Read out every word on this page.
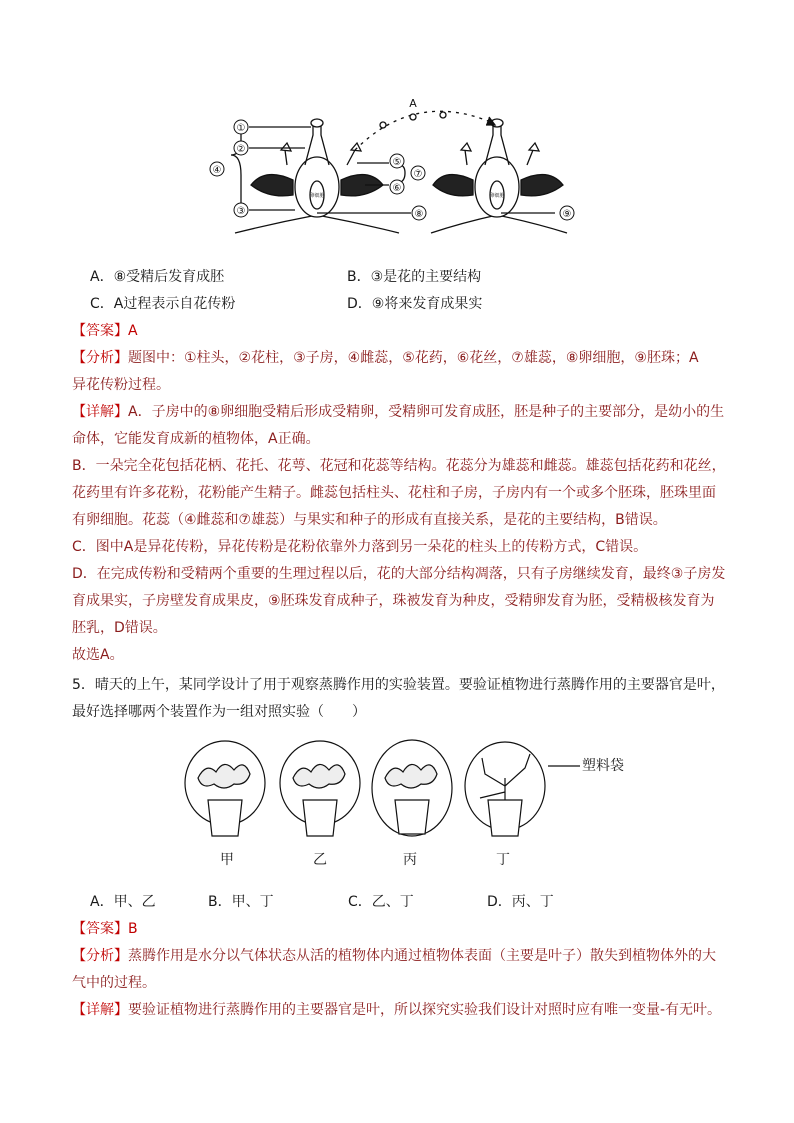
①
②
④
③
⑤
⑥
⑦
⑧	⑨
A
卵细胞	卵细胞
A．⑧受精后发育成胚	B．③是花的主要结构
C．A过程表示自花传粉	D．⑨将来发育成果实
【答案】A
【分析】题图中：①柱头，②花柱，③子房，④雌蕊，⑤花药，⑥花丝，⑦雄蕊，⑧卵细胞，⑨胚珠；A
异花传粉过程。
【详解】A．子房中的⑧卵细胞受精后形成受精卵，受精卵可发育成胚，胚是种子的主要部分，是幼小的生
命体，它能发育成新的植物体，A正确。
B．一朵完全花包括花柄、花托、花萼、花冠和花蕊等结构。花蕊分为雄蕊和雌蕊。雄蕊包括花药和花丝，
花药里有许多花粉，花粉能产生精子。雌蕊包括柱头、花柱和子房，子房内有一个或多个胚珠，胚珠里面
有卵细胞。花蕊（④雌蕊和⑦雄蕊）与果实和种子的形成有直接关系，是花的主要结构，B错误。
C．图中A是异花传粉，异花传粉是花粉依靠外力落到另一朵花的柱头上的传粉方式，C错误。
D．在完成传粉和受精两个重要的生理过程以后，花的大部分结构凋落，只有子房继续发育，最终③子房发
育成果实，子房壁发育成果皮，⑨胚珠发育成种子，珠被发育为种皮，受精卵发育为胚，受精极核发育为
胚乳，D错误。
故选A。
5．晴天的上午，某同学设计了用于观察蒸腾作用的实验装置。要验证植物进行蒸腾作用的主要器官是叶，
最好选择哪两个装置作为一组对照实验（　　）
塑料袋
甲	乙	丙	丁
A．甲、乙	B．甲、丁	C．乙、丁	D．丙、丁
【答案】B
【分析】蒸腾作用是水分以气体状态从活的植物体内通过植物体表面（主要是叶子）散失到植物体外的大
气中的过程。
【详解】要验证植物进行蒸腾作用的主要器官是叶，所以探究实验我们设计对照时应有唯一变量-有无叶。
